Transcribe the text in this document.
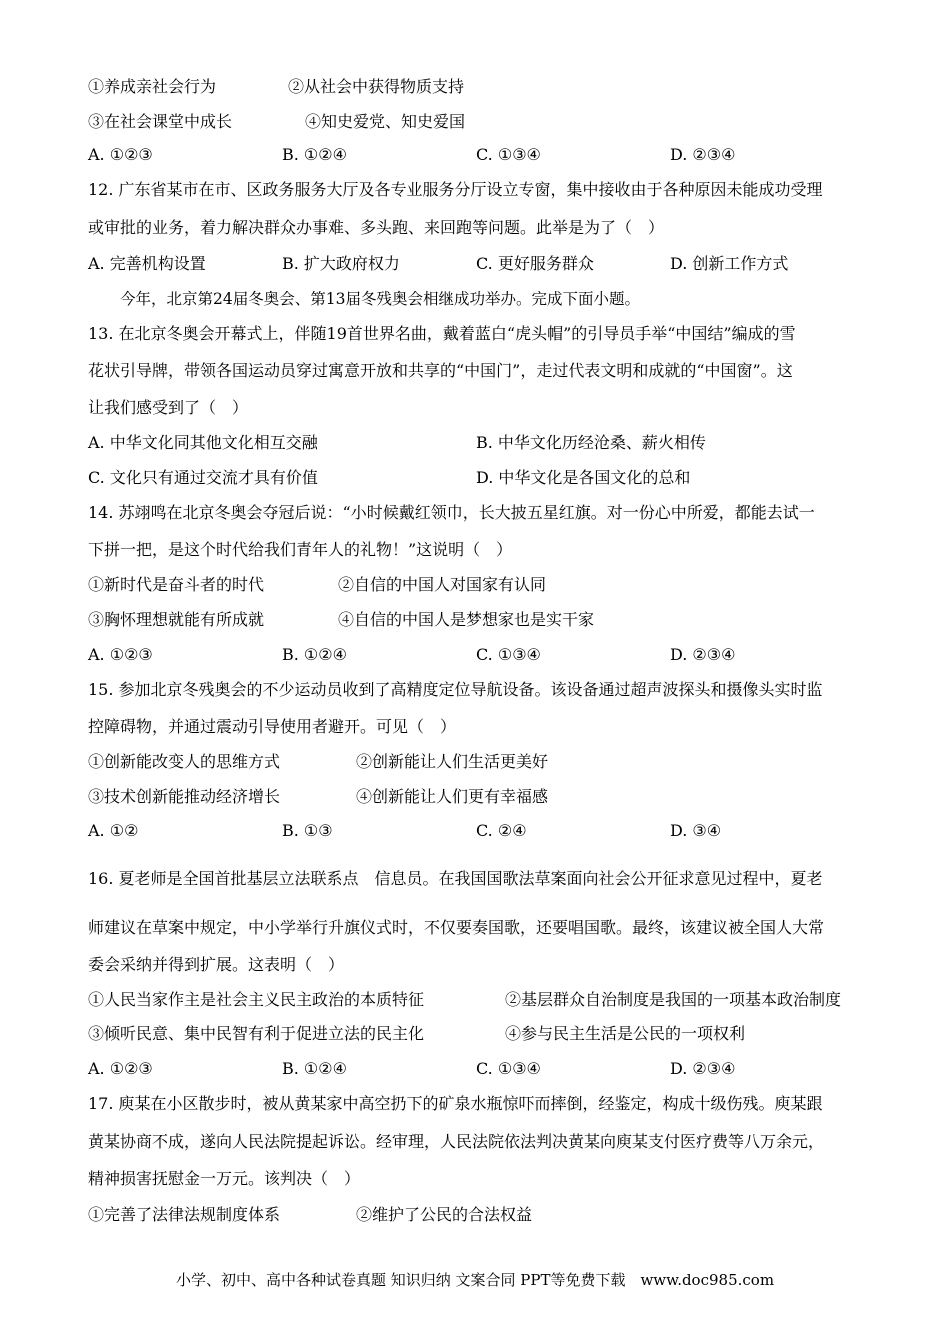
①养成亲社会行为	②从社会中获得物质支持
③在社会课堂中成长	④知史爱党、知史爱国
A. ①②③	B. ①②④	C. ①③④	D. ②③④
12. 广东省某市在市、区政务服务大厅及各专业服务分厅设立专窗，集中接收由于各种原因未能成功受理
或审批的业务，着力解决群众办事难、多头跑、来回跑等问题。此举是为了（　）
A. 完善机构设置	B. 扩大政府权力	C. 更好服务群众	D. 创新工作方式
今年，北京第24届冬奥会、第13届冬残奥会相继成功举办。完成下面小题。
13. 在北京冬奥会开幕式上，伴随19首世界名曲，戴着蓝白“虎头帽”的引导员手举“中国结”编成的雪
花状引导牌，带领各国运动员穿过寓意开放和共享的“中国门”，走过代表文明和成就的“中国窗”。这
让我们感受到了（　）
A. 中华文化同其他文化相互交融	B. 中华文化历经沧桑、薪火相传
C. 文化只有通过交流才具有价值	D. 中华文化是各国文化的总和
14. 苏翊鸣在北京冬奥会夺冠后说：“小时候戴红领巾，长大披五星红旗。对一份心中所爱，都能去试一
下拼一把，是这个时代给我们青年人的礼物！”这说明（　）
①新时代是奋斗者的时代	②自信的中国人对国家有认同
③胸怀理想就能有所成就	④自信的中国人是梦想家也是实干家
A. ①②③	B. ①②④	C. ①③④	D. ②③④
15. 参加北京冬残奥会的不少运动员收到了高精度定位导航设备。该设备通过超声波探头和摄像头实时监
控障碍物，并通过震动引导使用者避开。可见（　）
①创新能改变人的思维方式	②创新能让人们生活更美好
③技术创新能推动经济增长	④创新能让人们更有幸福感
A. ①②	B. ①③	C. ②④	D. ③④
16. 夏老师是全国首批基层立法联系点　信息员。在我国国歌法草案面向社会公开征求意见过程中，夏老
师建议在草案中规定，中小学举行升旗仪式时，不仅要奏国歌，还要唱国歌。最终，该建议被全国人大常
委会采纳并得到扩展。这表明（　）
①人民当家作主是社会主义民主政治的本质特征	②基层群众自治制度是我国的一项基本政治制度
③倾听民意、集中民智有利于促进立法的民主化	④参与民主生活是公民的一项权利
A. ①②③	B. ①②④	C. ①③④	D. ②③④
17. 庾某在小区散步时，被从黄某家中高空扔下的矿泉水瓶惊吓而摔倒，经鉴定，构成十级伤残。庾某跟
黄某协商不成，遂向人民法院提起诉讼。经审理，人民法院依法判决黄某向庾某支付医疗费等八万余元，
精神损害抚慰金一万元。该判决（　）
①完善了法律法规制度体系	②维护了公民的合法权益
小学、初中、高中各种试卷真题 知识归纳 文案合同 PPT等免费下载　www.doc985.com
